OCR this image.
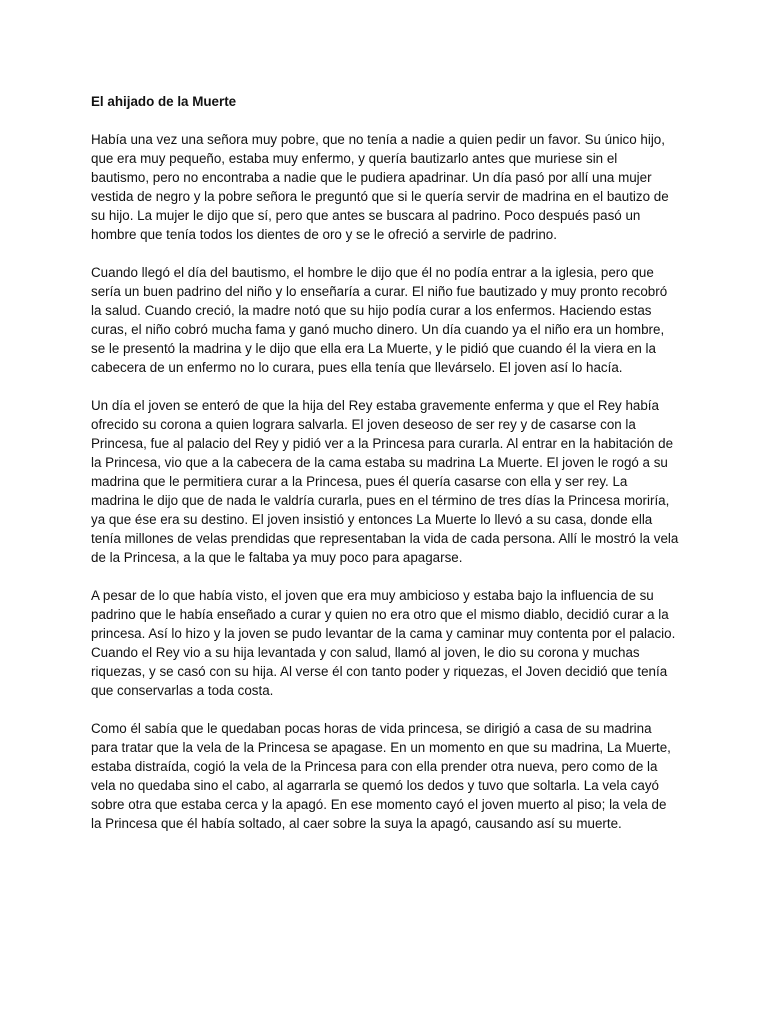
El ahijado de la Muerte

Había una vez una señora muy pobre, que no tenía a nadie a quien pedir un favor. Su único hijo, que era muy pequeño, estaba muy enfermo, y quería bautizarlo antes que muriese sin el bautismo, pero no encontraba a nadie que le pudiera apadrinar. Un día pasó por allí una mujer vestida de negro y la pobre señora le preguntó que si le quería servir de madrina en el bautizo de su hijo. La mujer le dijo que sí, pero que antes se buscara al padrino. Poco después pasó un hombre que tenía todos los dientes de oro y se le ofreció a servirle de padrino.

Cuando llegó el día del bautismo, el hombre le dijo que él no podía entrar a la iglesia, pero que sería un buen padrino del niño y lo enseñaría a curar. El niño fue bautizado y muy pronto recobró la salud. Cuando creció, la madre notó que su hijo podía curar a los enfermos. Haciendo estas curas, el niño cobró mucha fama y ganó mucho dinero. Un día cuando ya el niño era un hombre, se le presentó la madrina y le dijo que ella era La Muerte, y le pidió que cuando él la viera en la cabecera de un enfermo no lo curara, pues ella tenía que llevárselo. El joven así lo hacía.

Un día el joven se enteró de que la hija del Rey estaba gravemente enferma y que el Rey había ofrecido su corona a quien lograra salvarla. El joven deseoso de ser rey y de casarse con la Princesa, fue al palacio del Rey y pidió ver a la Princesa para curarla. Al entrar en la habitación de la Princesa, vio que a la cabecera de la cama estaba su madrina La Muerte. El joven le rogó a su madrina que le permitiera curar a la Princesa, pues él quería casarse con ella y ser rey. La madrina le dijo que de nada le valdría curarla, pues en el término de tres días la Princesa moriría, ya que ése era su destino. El joven insistió y entonces La Muerte lo llevó a su casa, donde ella tenía millones de velas prendidas que representaban la vida de cada persona. Allí le mostró la vela de la Princesa, a la que le faltaba ya muy poco para apagarse.

A pesar de lo que había visto, el joven que era muy ambicioso y estaba bajo la influencia de su padrino que le había enseñado a curar y quien no era otro que el mismo diablo, decidió curar a la princesa. Así lo hizo y la joven se pudo levantar de la cama y caminar muy contenta por el palacio. Cuando el Rey vio a su hija levantada y con salud, llamó al joven, le dio su corona y muchas riquezas, y se casó con su hija. Al verse él con tanto poder y riquezas, el Joven decidió que tenía que conservarlas a toda costa.

Como él sabía que le quedaban pocas horas de vida princesa, se dirigió a casa de su madrina para tratar que la vela de la Princesa se apagase. En un momento en que su madrina, La Muerte, estaba distraída, cogió la vela de la Princesa para con ella prender otra nueva, pero como de la vela no quedaba sino el cabo, al agarrarla se quemó los dedos y tuvo que soltarla. La vela cayó sobre otra que estaba cerca y la apagó. En ese momento cayó el joven muerto al piso; la vela de la Princesa que él había soltado, al caer sobre la suya la apagó, causando así su muerte.
